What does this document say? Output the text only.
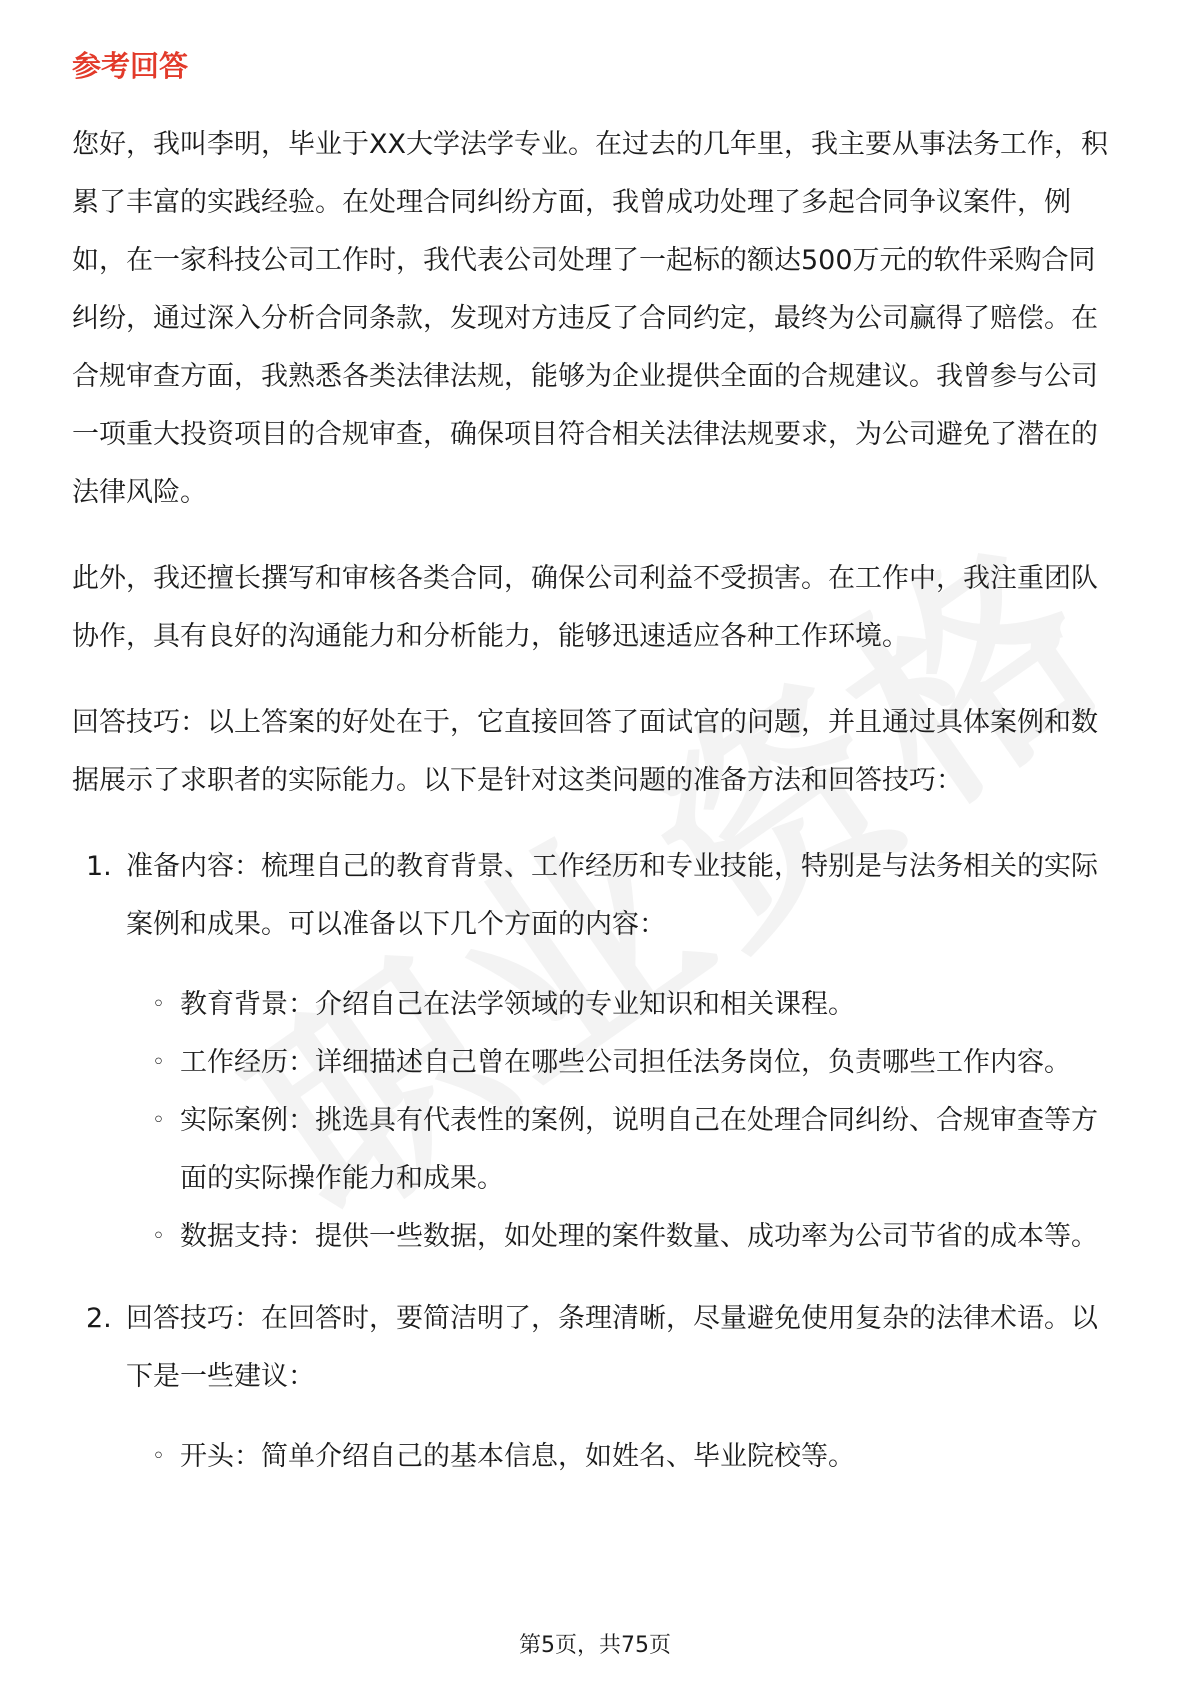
参考回答

您好，我叫李明，毕业于XX大学法学专业。在过去的几年里，我主要从事法务工作，积累了丰富的实践经验。在处理合同纠纷方面，我曾成功处理了多起合同争议案件，例如，在一家科技公司工作时，我代表公司处理了一起标的额达500万元的软件采购合同纠纷，通过深入分析合同条款，发现对方违反了合同约定，最终为公司赢得了赔偿。在合规审查方面，我熟悉各类法律法规，能够为企业提供全面的合规建议。我曾参与公司一项重大投资项目的合规审查，确保项目符合相关法律法规要求，为公司避免了潜在的法律风险。

此外，我还擅长撰写和审核各类合同，确保公司利益不受损害。在工作中，我注重团队协作，具有良好的沟通能力和分析能力，能够迅速适应各种工作环境。

回答技巧：以上答案的好处在于，它直接回答了面试官的问题，并且通过具体案例和数据展示了求职者的实际能力。以下是针对这类问题的准备方法和回答技巧：

1. 准备内容：梳理自己的教育背景、工作经历和专业技能，特别是与法务相关的实际案例和成果。可以准备以下几个方面的内容：
◦ 教育背景：介绍自己在法学领域的专业知识和相关课程。
◦ 工作经历：详细描述自己曾在哪些公司担任法务岗位，负责哪些工作内容。
◦ 实际案例：挑选具有代表性的案例，说明自己在处理合同纠纷、合规审查等方面的实际操作能力和成果。
◦ 数据支持：提供一些数据，如处理的案件数量、成功率为公司节省的成本等。
2. 回答技巧：在回答时，要简洁明了，条理清晰，尽量避免使用复杂的法律术语。以下是一些建议：
◦ 开头：简单介绍自己的基本信息，如姓名、毕业院校等。
第5页，共75页
